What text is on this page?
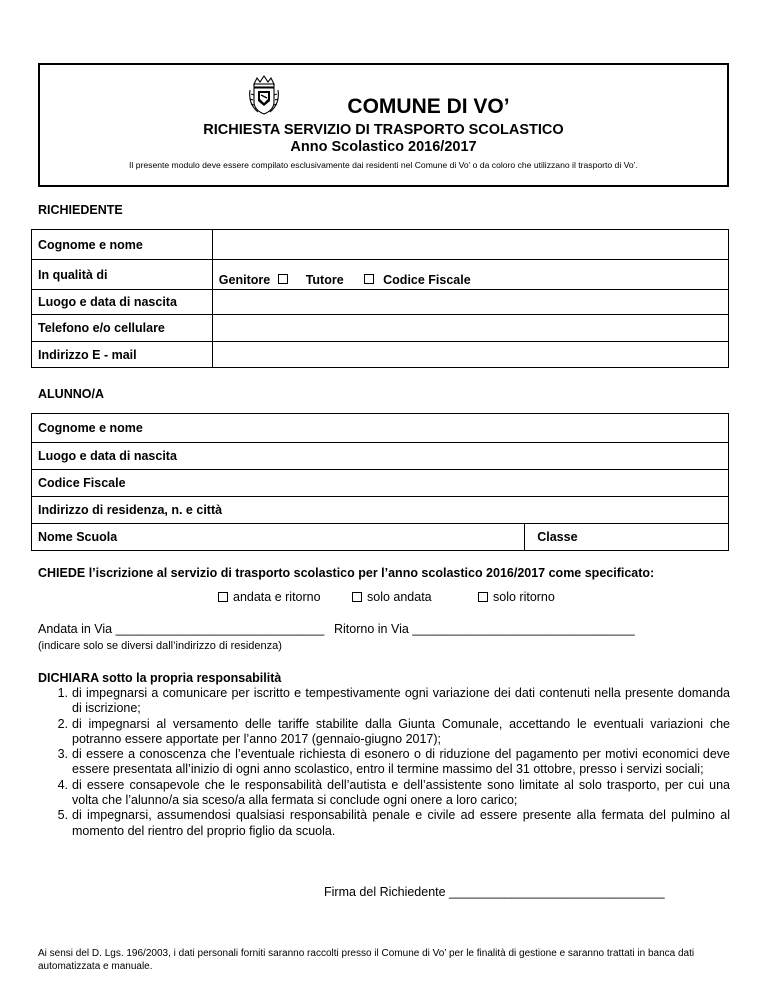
COMUNE DI VO’
RICHIESTA SERVIZIO DI TRASPORTO SCOLASTICO
Anno Scolastico 2016/2017
Il presente modulo deve essere compilato esclusivamente dai residenti nel Comune di Vo’ o da coloro che utilizzano il trasporto di Vo’.
RICHIEDENTE
Cognome e nome	
In qualità di	Genitore Tutore Codice Fiscale
Luogo e data di nascita	
Telefono e/o cellulare	
Indirizzo E - mail	
ALUNNO/A
Cognome e nome
Luogo e data di nascita
Codice Fiscale
Indirizzo di residenza, n. e città
Nome Scuola	Classe
CHIEDE l’iscrizione al servizio di trasporto scolastico per l’anno scolastico 2016/2017 come specificato:
andata e ritorno	solo andata	solo ritorno
Andata in Via ______________________________ Ritorno in Via ________________________________
(indicare solo se diversi dall’indirizzo di residenza)
DICHIARA sotto la propria responsabilità
1. di impegnarsi a comunicare per iscritto e tempestivamente ogni variazione dei dati contenuti nella presente domanda di iscrizione;
2. di impegnarsi al versamento delle tariffe stabilite dalla Giunta Comunale, accettando le eventuali variazioni che potranno essere apportate per l’anno 2017 (gennaio-giugno 2017);
3. di essere a conoscenza che l’eventuale richiesta di esonero o di riduzione del pagamento per motivi economici deve essere presentata all’inizio di ogni anno scolastico, entro il termine massimo del 31 ottobre, presso i servizi sociali;
4. di essere consapevole che le responsabilità dell’autista e dell’assistente sono limitate al solo trasporto, per cui una volta che l’alunno/a sia sceso/a alla fermata si conclude ogni onere a loro carico;
5. di impegnarsi, assumendosi qualsiasi responsabilità penale e civile ad essere presente alla fermata del pulmino al momento del rientro del proprio figlio da scuola.
Firma del Richiedente _______________________________
Ai sensi del D. Lgs. 196/2003, i dati personali forniti saranno raccolti presso il Comune di Vo’ per le finalità di gestione e saranno trattati in banca dati automatizzata e manuale.
